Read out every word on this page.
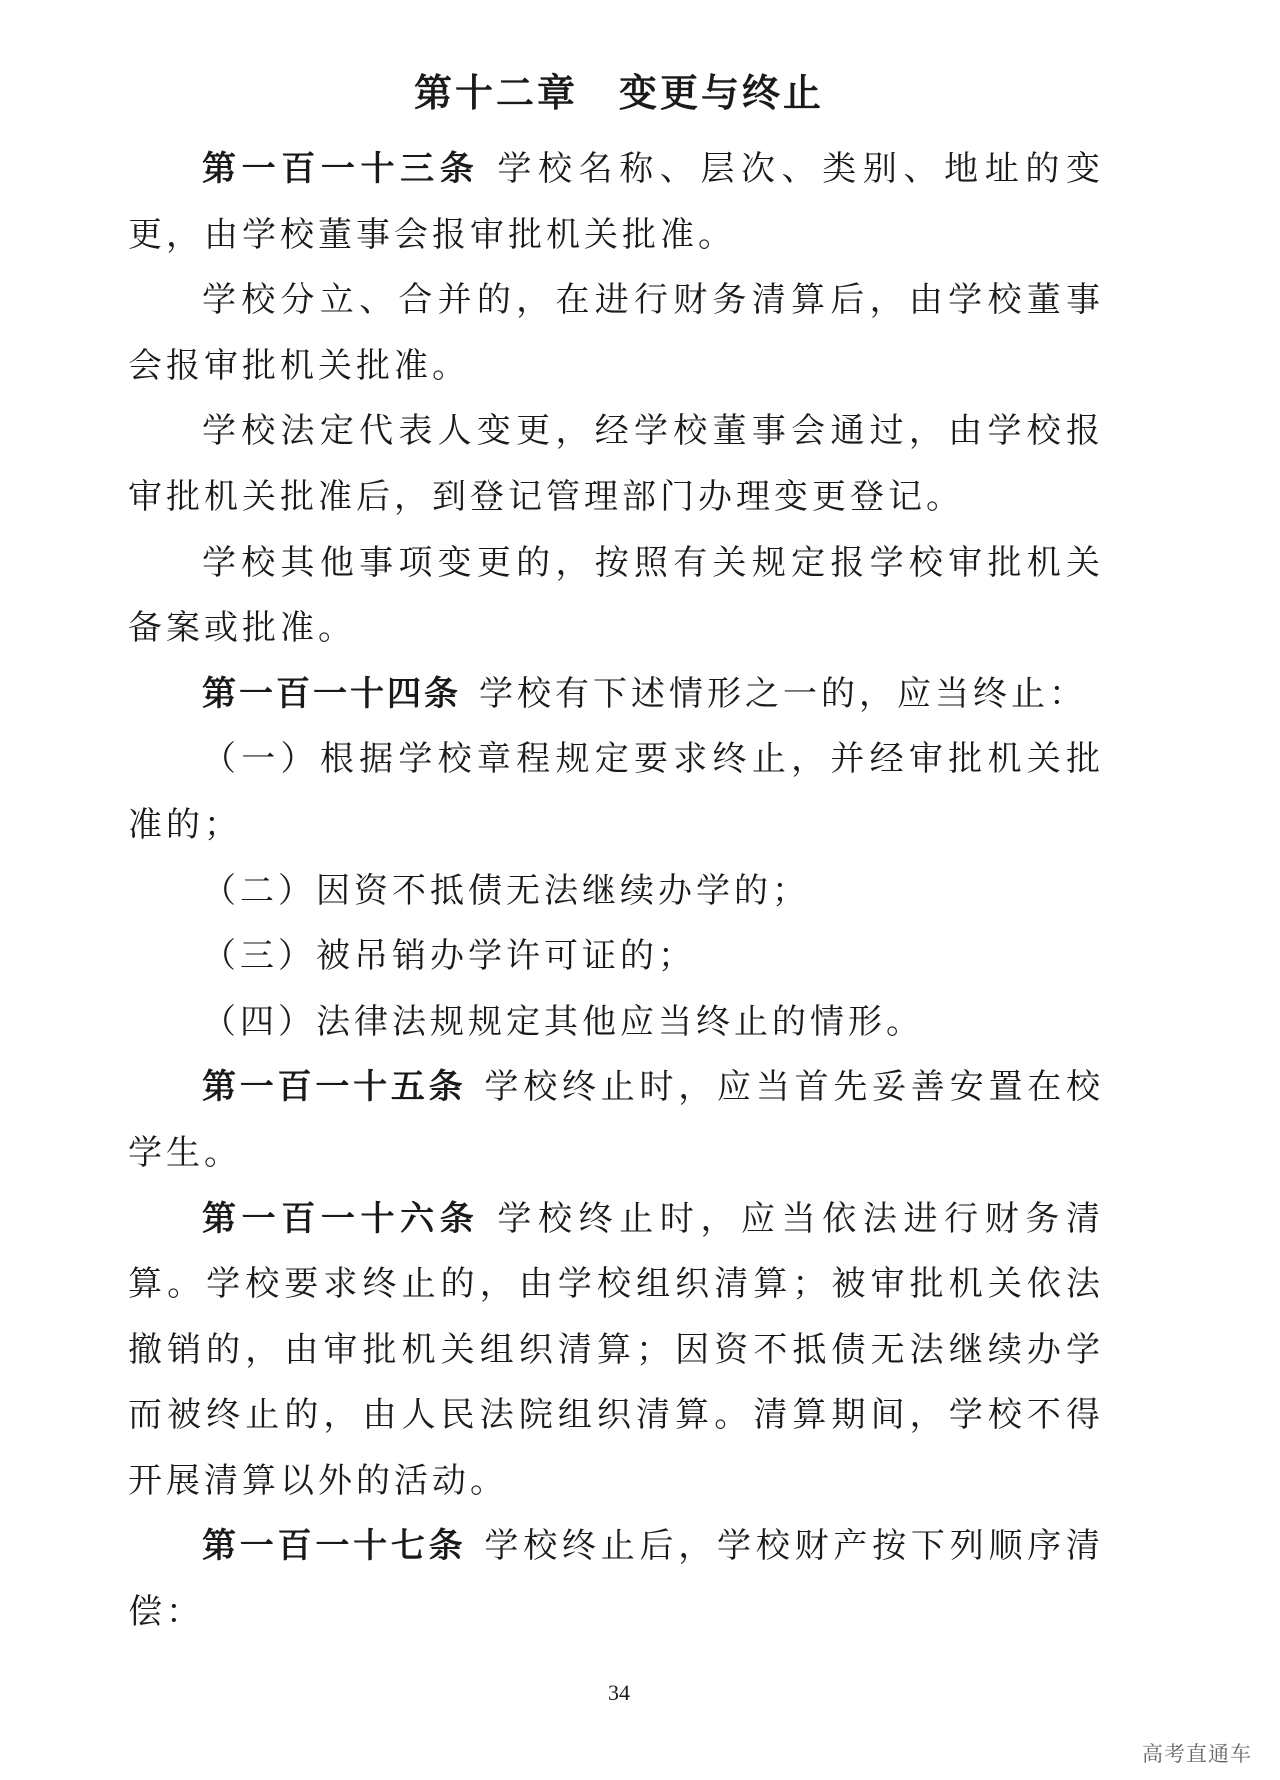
第十二章　变更与终止

第一百一十三条 学校名称、层次、类别、地址的变更，由学校董事会报审批机关批准。

学校分立、合并的，在进行财务清算后，由学校董事会报审批机关批准。

学校法定代表人变更，经学校董事会通过，由学校报审批机关批准后，到登记管理部门办理变更登记。

学校其他事项变更的，按照有关规定报学校审批机关备案或批准。

第一百一十四条 学校有下述情形之一的，应当终止：

（一）根据学校章程规定要求终止，并经审批机关批准的；

（二）因资不抵债无法继续办学的；

（三）被吊销办学许可证的；

（四）法律法规规定其他应当终止的情形。

第一百一十五条 学校终止时，应当首先妥善安置在校学生。

第一百一十六条 学校终止时，应当依法进行财务清算。学校要求终止的，由学校组织清算；被审批机关依法撤销的，由审批机关组织清算；因资不抵债无法继续办学而被终止的，由人民法院组织清算。清算期间，学校不得开展清算以外的活动。

第一百一十七条 学校终止后，学校财产按下列顺序清偿：

34
高考直通车
